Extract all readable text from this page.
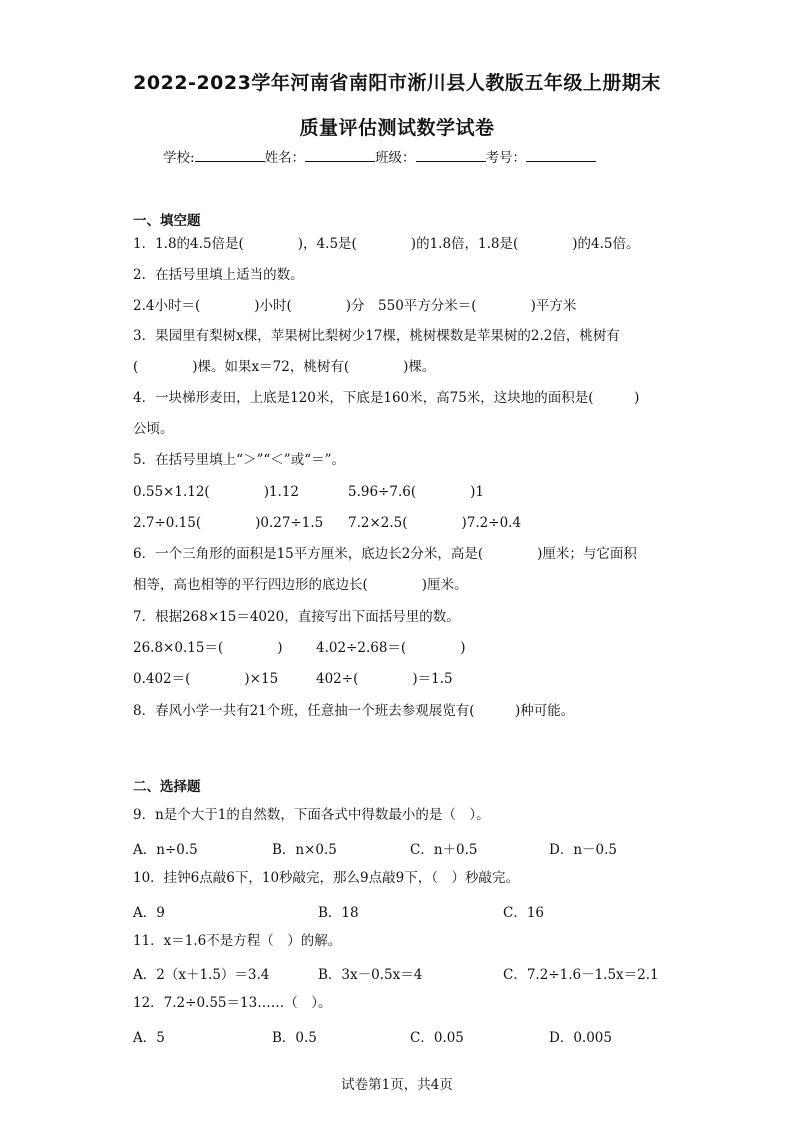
2022-2023学年河南省南阳市淅川县人教版五年级上册期末
质量评估测试数学试卷
学校:	姓名：	班级：	考号：
一、填空题
1．1.8的4.5倍是(　　　　)，4.5是(　　　　)的1.8倍，1.8是(　　　　)的4.5倍。
2．在括号里填上适当的数。
2.4小时＝(　　　　)小时(　　　　)分　550平方分米＝(　　　　)平方米
3．果园里有梨树x棵，苹果树比梨树少17棵，桃树棵数是苹果树的2.2倍，桃树有
(　　　　)棵。如果x＝72，桃树有(　　　　)棵。
4．一块梯形麦田，上底是120米，下底是160米，高75米，这块地的面积是(　　　)
公顷。
5．在括号里填上“＞”“＜”或“＝”。
0.55×1.12(　　　　)1.12	5.96÷7.6(　　　　)1
2.7÷0.15(　　　　)0.27÷1.5 7.2×2.5(　　　　)7.2÷0.4
6．一个三角形的面积是15平方厘米，底边长2分米，高是(　　　　)厘米；与它面积
相等，高也相等的平行四边形的底边长(　　　　)厘米。
7．根据268×15＝4020，直接写出下面括号里的数。
26.8×0.15＝(　　　　) 4.02÷2.68＝(　　　　)
0.402＝(　　　　)×15	402÷(　　　　)＝1.5
8．春风小学一共有21个班，任意抽一个班去参观展览有(　　　)种可能。
二、选择题
9．n是个大于1的自然数，下面各式中得数最小的是（　）。
A．n÷0.5	B．n×0.5	C．n＋0.5	D．n－0.5
10．挂钟6点敲6下，10秒敲完，那么9点敲9下，（　）秒敲完。
A．9	B．18	C．16
11．x＝1.6不是方程（　）的解。
A．2（x＋1.5）＝3.4	B．3x－0.5x＝4	C．7.2÷1.6－1.5x＝2.1
12．7.2÷0.55＝13……（　）。
A．5	B．0.5	C．0.05	D．0.005
试卷第1页，共4页
